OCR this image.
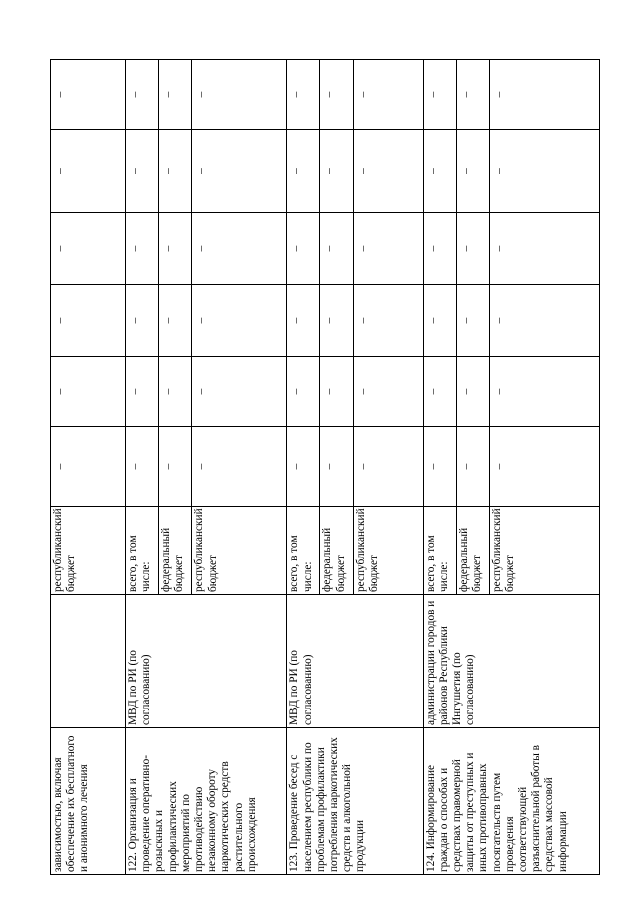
зависимостью, включая обеспечение их бесплатного и анонимного лечения		республиканский бюджет	–	–	–	–	–	–
122. Организация и проведение оперативно-розыскных и профилактических мероприятий по противодействию незаконному обороту наркотических средств растительного происхождения	МВД по РИ (по согласованию)	всего, в том числе:	–	–	–	–	–	–
		федеральный бюджет	–	–	–	–	–	–
		республиканский бюджет	–	–	–	–	–	–
123. Проведение бесед с населением республики по проблемам профилактики потребления наркотических средств и алкогольной продукции	МВД по РИ (по согласованию)	всего, в том числе:	–	–	–	–	–	–
		федеральный бюджет	–	–	–	–	–	–
		республиканский бюджет	–	–	–	–	–	–
124. Информирование граждан о способах и средствах правомерной защиты от преступных и иных противоправных посягательств путем проведения соответствующей разъяснительной работы в средствах массовой информации	администрации городов и районов Республики Ингушетия (по согласованию)	всего, в том числе:	–	–	–	–	–	–
		федеральный бюджет	–	–	–	–	–	–
		республиканский бюджет	–	–	–	–	–	–
